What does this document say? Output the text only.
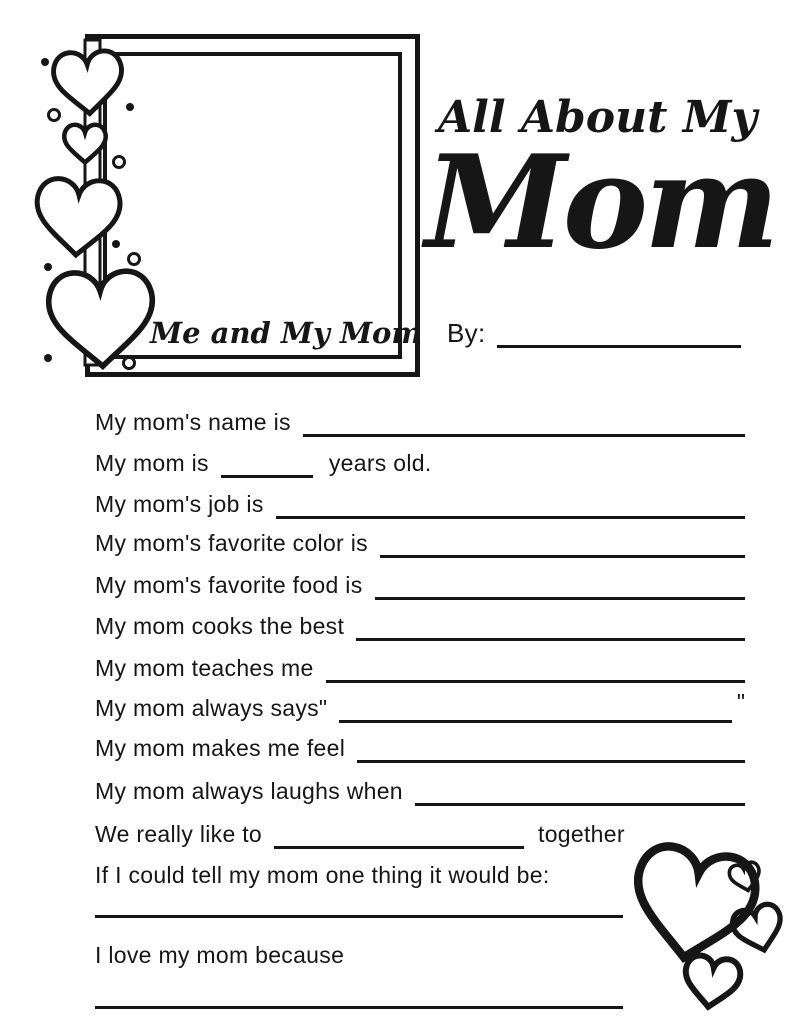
Me and My Mom
All About My
Mom
By:
My mom's name is
My mom is	years old.
My mom's job is
My mom's favorite color is
My mom's favorite food is
My mom cooks the best
My mom teaches me
My mom always says"	"
My mom makes me feel
My mom always laughs when
We really like to	together
If I could tell my mom one thing it would be:
I love my mom because
